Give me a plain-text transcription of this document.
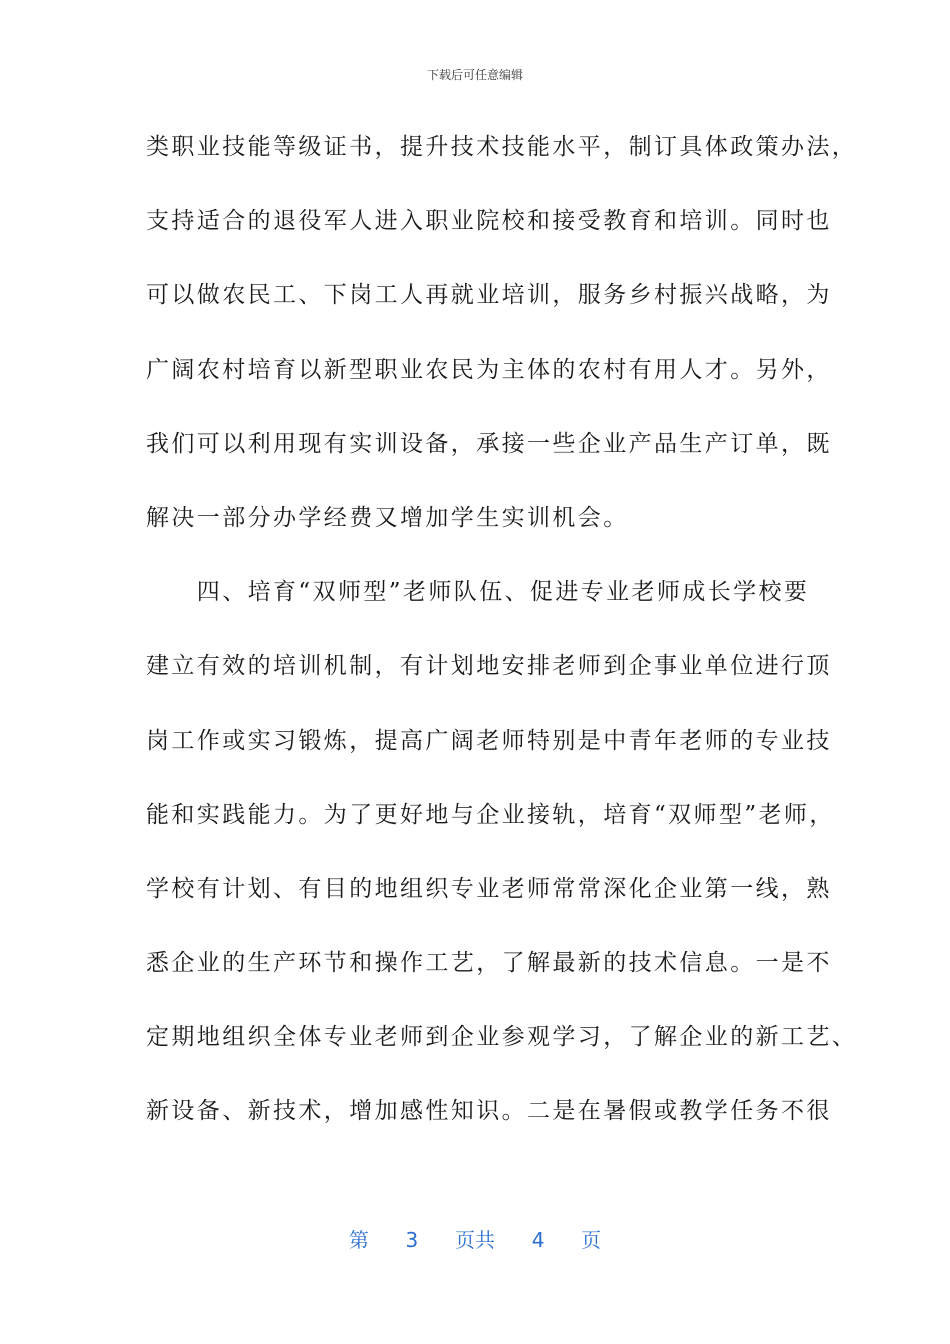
下载后可任意编辑
类职业技能等级证书，提升技术技能水平，制订具体政策办法，
支持适合的退役军人进入职业院校和接受教育和培训。同时也
可以做农民工、下岗工人再就业培训，服务乡村振兴战略，为
广阔农村培育以新型职业农民为主体的农村有用人才。另外，
我们可以利用现有实训设备，承接一些企业产品生产订单，既
解决一部分办学经费又增加学生实训机会。
　　四、培育“双师型”老师队伍、促进专业老师成长学校要
建立有效的培训机制，有计划地安排老师到企事业单位进行顶
岗工作或实习锻炼，提高广阔老师特别是中青年老师的专业技
能和实践能力。为了更好地与企业接轨，培育“双师型”老师，
学校有计划、有目的地组织专业老师常常深化企业第一线，熟
悉企业的生产环节和操作工艺，了解最新的技术信息。一是不
定期地组织全体专业老师到企业参观学习，了解企业的新工艺、
新设备、新技术，增加感性知识。二是在暑假或教学任务不很
第 3 页共 4 页
